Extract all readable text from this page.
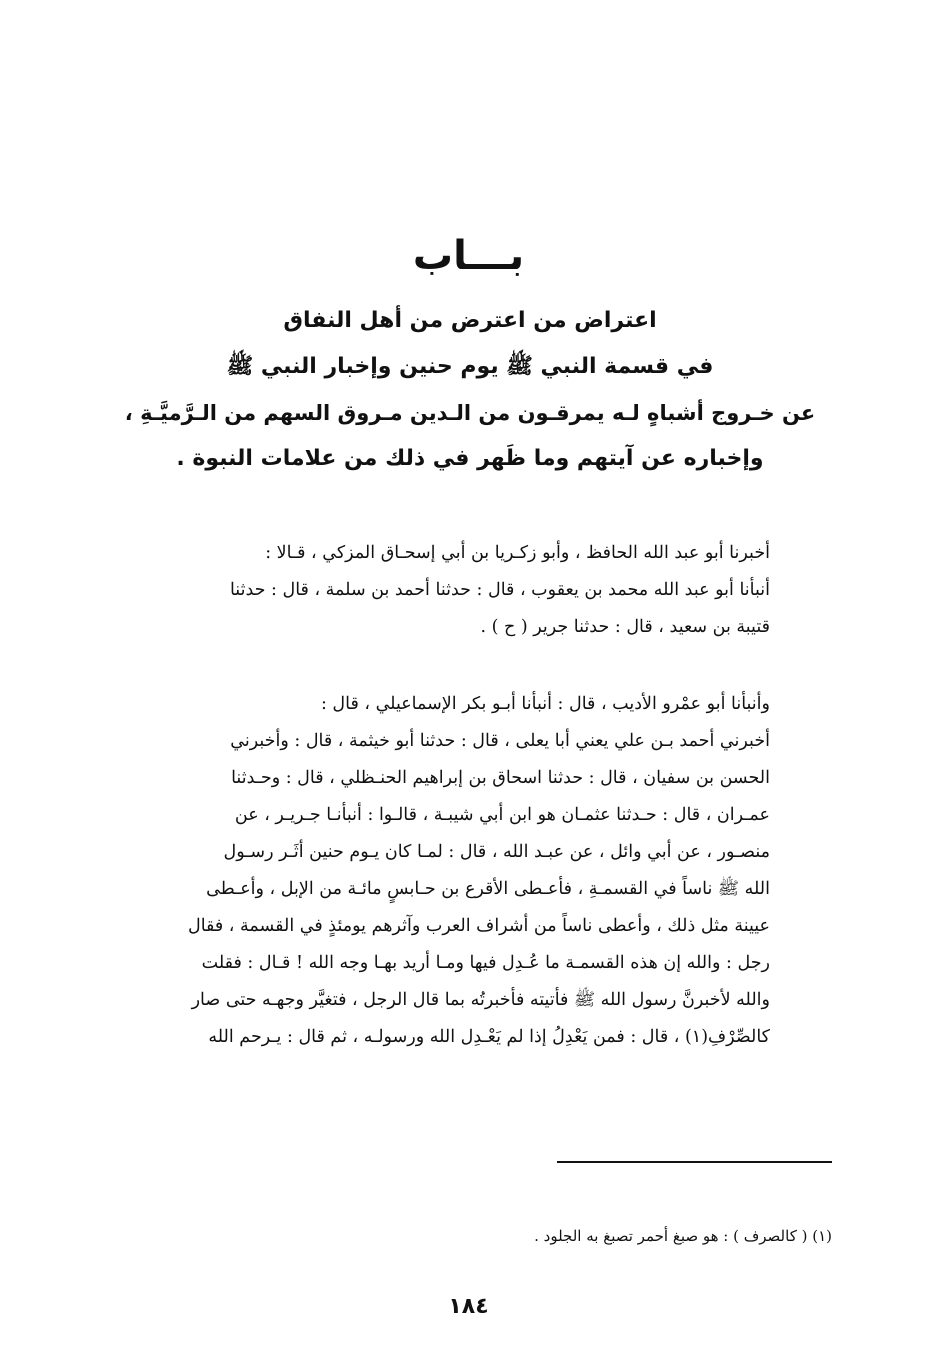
بـــاب
اعتراض من اعترض من أهل النفاق
في قسمة النبي ﷺ يوم حنين وإخبار النبي ﷺ
عن خـروج أشباهٍ لـه يمرقـون من الـدين مـروق السهم من الـرَّميَّـةِ ،
وإخباره عن آيتهم وما ظَهر في ذلك من علامات النبوة .
أخبرنا أبو عبد الله الحافظ ، وأبو زكـريا بن أبي إسحـاق المزكي ، قـالا :
أنبأنا أبو عبد الله محمد بن يعقوب ، قال : حدثنا أحمد بن سلمة ، قال : حدثنا
قتيبة بن سعيد ، قال : حدثنا جرير ( ح ) .
وأنبأنا أبو عمْرو الأديب ، قال : أنبأنا أبـو بكر الإسماعيلي ، قال :
أخبرني أحمد بـن علي يعني أبا يعلى ، قال : حدثنا أبو خيثمة ، قال : وأخبرني
الحسن بن سفيان ، قال : حدثنا اسحاق بن إبراهيم الحنـظلي ، قال : وحـدثنا
عمـران ، قال : حـدثنا عثمـان هو ابن أبي شيبـة ، قالـوا : أنبأنـا جـريـر ، عن
منصـور ، عن أبي وائل ، عن عبـد الله ، قال : لمـا كان يـوم حنين أثَـر رسـول
الله ﷺ ناساً في القسمـةِ ، فأعـطى الأقرع بن حـابسٍ مائـة من الإبل ، وأعـطى
عيينة مثل ذلك ، وأعطى ناساً من أشراف العرب وآثرهم يومئذٍ في القسمة ، فقال
رجل : والله إن هذه القسمـة ما عُـدِل فيها ومـا أريد بهـا وجه الله ! قـال : فقلت
والله لأخبرنَّ رسول الله ﷺ فأتيته فأخبرتُه بما قال الرجل ، فتغيَّر وجهـه حتى صار
كالصِّرْفِ(١) ، قال : فمن يَعْدِلُ إذا لم يَعْـدِل الله ورسولـه ، ثم قال : يـرحم الله
(١) ( كالصرف ) : هو صبغ أحمر تصبغ به الجلود .
١٨٤
